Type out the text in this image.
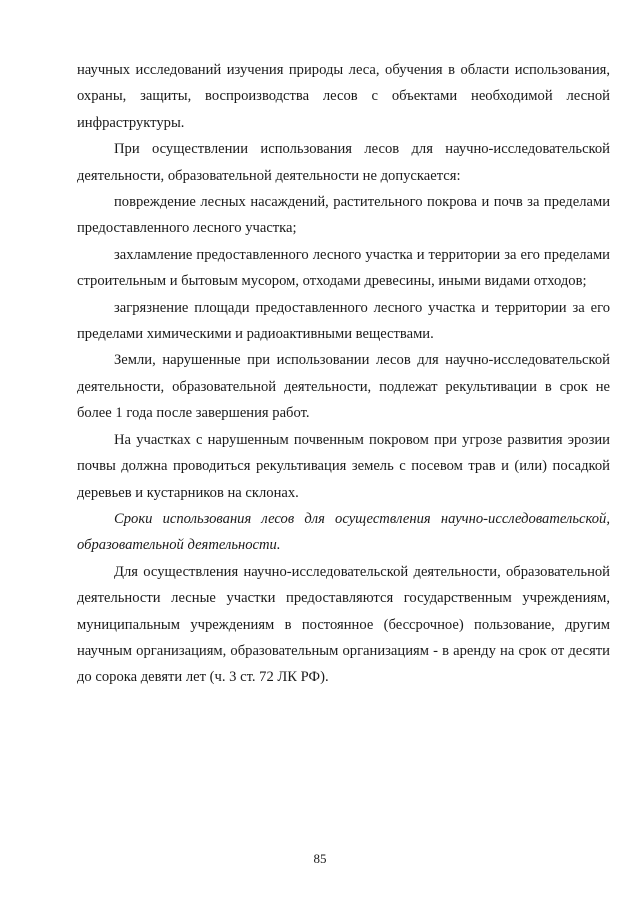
научных исследований изучения природы леса, обучения в области использования, охраны, защиты, воспроизводства лесов с объектами необходимой лесной инфраструктуры.

При осуществлении использования лесов для научно-исследовательской деятельности, образовательной деятельности не допускается:

повреждение лесных насаждений, растительного покрова и почв за пределами предоставленного лесного участка;

захламление предоставленного лесного участка и территории за его пределами строительным и бытовым мусором, отходами древесины, иными видами отходов;

загрязнение площади предоставленного лесного участка и территории за его пределами химическими и радиоактивными веществами.

Земли, нарушенные при использовании лесов для научно-исследовательской деятельности, образовательной деятельности, подлежат рекультивации в срок не более 1 года после завершения работ.

На участках с нарушенным почвенным покровом при угрозе развития эрозии почвы должна проводиться рекультивация земель с посевом трав и (или) посадкой деревьев и кустарников на склонах.

Сроки использования лесов для осуществления научно-исследовательской, образовательной деятельности.

Для осуществления научно-исследовательской деятельности, образовательной деятельности лесные участки предоставляются государственным учреждениям, муниципальным учреждениям в постоянное (бессрочное) пользование, другим научным организациям, образовательным организациям - в аренду на срок от десяти до сорока девяти лет (ч. 3 ст. 72 ЛК РФ).

85
